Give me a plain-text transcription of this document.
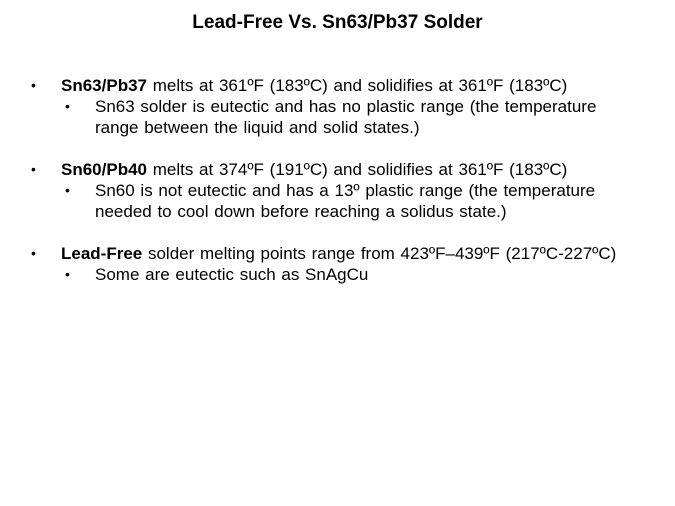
Lead-Free Vs. Sn63/Pb37 Solder
• Sn63/Pb37 melts at 361ºF (183ºC) and solidifies at 361ºF (183ºC)
• Sn63 solder is eutectic and has no plastic range (the temperature range between the liquid and solid states.)
• Sn60/Pb40 melts at 374ºF (191ºC) and solidifies at 361ºF (183ºC)
• Sn60 is not eutectic and has a 13º plastic range (the temperature needed to cool down before reaching a solidus state.)
• Lead-Free solder melting points range from 423ºF–439ºF (217ºC-227ºC)
• Some are eutectic such as SnAgCu
